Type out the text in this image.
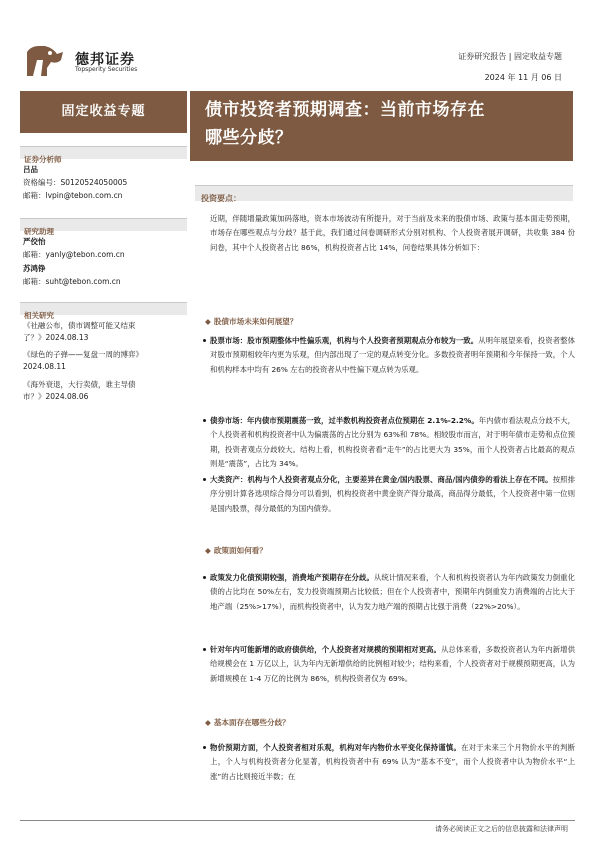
德邦证券
Topsperity Securities
证券研究报告 | 固定收益专题
2024 年 11 月 06 日
固定收益专题	债市投资者预期调查：当前市场存在
哪些分歧？
证券分析师
吕品
资格编号：S0120524050005
邮箱：lvpin@tebon.com.cn
研究助理
严佼怡
邮箱：yanly@tebon.com.cn
苏鸿铮
邮箱：suht@tebon.com.cn
相关研究
《社融公布，债市调整可能又结束
了？》2024.08.13
《绿色的子弹——复盘一周的博弈》
2024.08.11
《海外衰退，大行卖债，谁主导债
市？》2024.08.06
投资要点：

近期，伴随增量政策加码落地，资本市场波动有所提升，对于当前及未来的股债市场、政策与基本面走势预期，市场存在哪些观点与分歧？基于此，我们通过问卷调研形式分别对机构、个人投资者展开调研，共收集 384 份问卷，其中个人投资者占比 86%，机构投资者占比 14%，问卷结果具体分析如下：

◆ 股债市场未来如何展望？

股票市场：股市预期整体中性偏乐观，机构与个人投资者预期观点分布较为一致。从明年展望来看，投资者整体对股市预期相较年内更为乐观，但内部出现了一定的观点转变分化。多数投资者明年预期和今年保持一致，个人和机构样本中均有 26% 左右的投资者从中性偏下观点转为乐观。

债券市场：年内债市预期震荡一致，过半数机构投资者点位预期在 2.1%-2.2%。年内债市看法观点分歧不大，个人投资者和机构投资者中认为偏震荡的占比分别为 63%和 78%。相较股市而言，对于明年债市走势和点位预期，投资者观点分歧较大。结构上看，机构投资者看“走牛”的占比更大为 35%，而个人投资者占比最高的观点则是“震荡”，占比为 34%。

大类资产：机构与个人投资者观点分化，主要差异在黄金/国内股票、商品/国内债券的看法上存在不同。按照排序分别计算各选项综合得分可以看到，机构投资者中黄金资产得分最高，商品得分最低，个人投资者中第一位则是国内股票，得分最低的为国内债券。

◆ 政策面如何看？

政策发力化债预期较强，消费地产预期存在分歧。从统计情况来看，个人和机构投资者认为年内政策发力倒重化债的占比均在 50%左右，发力投资端预期占比较低；但在个人投资者中，预期年内倒重发力消费端的占比大于地产端（25%>17%），而机构投资者中，认为发力地产端的预期占比强于消费（22%>20%）。

针对年内可能新增的政府债供给，个人投资者对规模的预期相对更高。从总体来看，多数投资者认为年内新增供给规模会在 1 万亿以上，认为年内无新增供给的比例相对较少；结构来看，个人投资者对于规模预期更高，认为新增规模在 1-4 万亿的比例为 86%，机构投资者仅为 69%。

◆ 基本面存在哪些分歧？

物价预期方面，个人投资者相对乐观，机构对年内物价水平变化保持谨慎。在对于未来三个月物价水平的判断上，个人与机构投资者分化显著，机构投资者中有 69% 认为“基本不变”，而个人投资者中认为物价水平“上涨”的占比则接近半数；在

请务必阅读正文之后的信息披露和法律声明
